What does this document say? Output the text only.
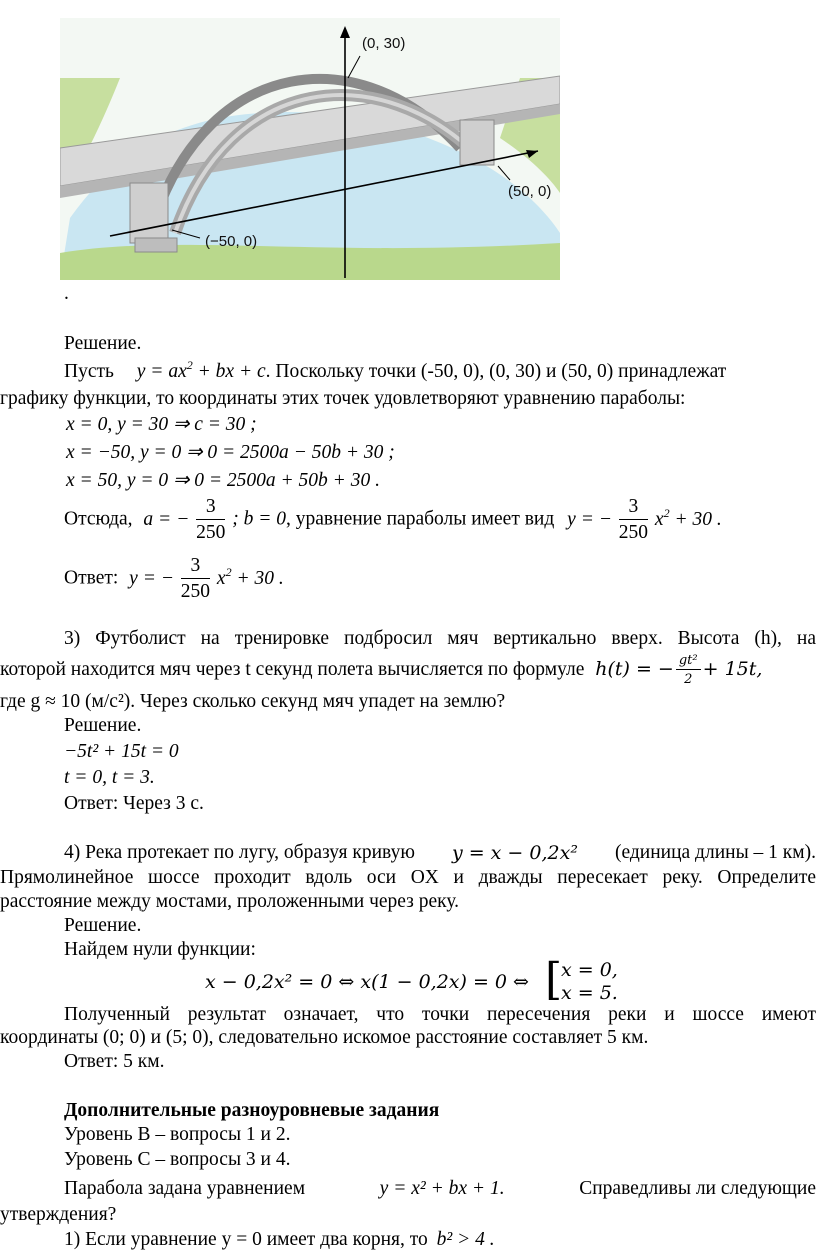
(0, 30)
(50, 0)
(−50, 0)
.
Решение.
Пусть $y = ax^2$ + bx + c. Поскольку точки (-50, 0), (0, 30) и (50, 0) принадлежат
графику функции, то координаты этих точек удовлетворяют уравнению параболы:
x = 0, y = 30 ⇒ c = 30 ;
x = −50, y = 0 ⇒ 0 = 2500a − 50b + 30 ;
x = 50, y = 0 ⇒ 0 = 2500a + 50b + 30 .
Отсюда, a = − $\frac{3}{250}$ ; b = 0, уравнение параболы имеет вид y = − $\frac{3}{250} x^2 + 30$ .
Ответ: y = − $\frac{3}{250} x^2 + 30$ .
3) Футболист на тренировке подбросил мяч вертикально вверх. Высота (h), на
которой находится мяч через t секунд полета вычисляется по формуле h(t) = − $\frac{\text{gt²}}{2} + 15t$,
где g ≈ 10 (м/с²). Через сколько секунд мяч упадет на землю?
Решение.
−5t² + 15t = 0
t = 0, t = 3.
Ответ: Через 3 с.
4) Река протекает по лугу, образуя кривую y = x − 0,2x² (единица длины – 1 км).
Прямолинейное шоссе проходит вдоль оси OX и дважды пересекает реку. Определите
расстояние между мостами, проложенными через реку.
Решение.
Найдем нули функции:
x − 0,2x² = 0 ⇔ x(1 − 0,2x) = 0 ⇔ [
x = 0,
x = 5.
Полученный результат означает, что точки пересечения реки и шоссе имеют
координаты (0; 0) и (5; 0), следовательно искомое расстояние составляет 5 км.
Ответ: 5 км.
Дополнительные разноуровневые задания
Уровень B – вопросы 1 и 2.
Уровень C – вопросы 3 и 4.
Парабола задана уравнением	y = x² + bx + 1.	Справедливы ли следующие
утверждения?
1) Если уравнение y = 0 имеет два корня, то b² > 4 .
